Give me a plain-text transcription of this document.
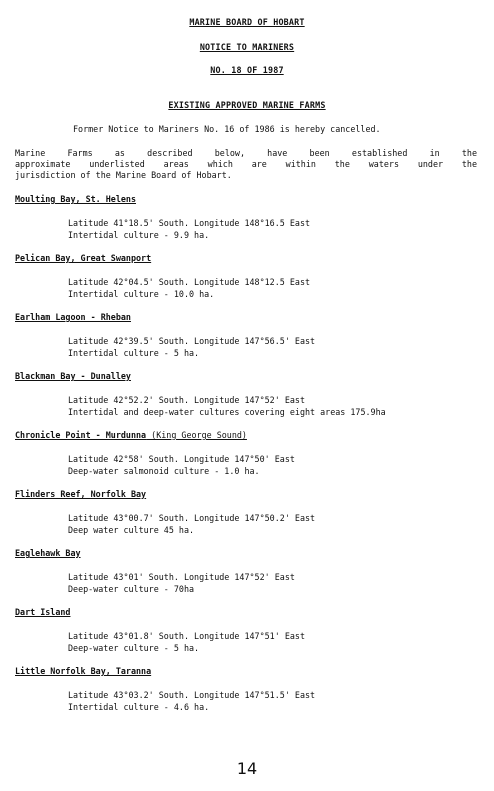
MARINE BOARD OF HOBART
NOTICE TO MARINERS
NO. 18 OF 1987
EXISTING APPROVED MARINE FARMS
Former Notice to Mariners No. 16 of 1986 is hereby cancelled.
Marine Farms as described below, have been established in the
approximate underlisted areas which are within the waters under the
jurisdiction of the Marine Board of Hobart.
Moulting Bay, St. Helens
Latitude 41°18.5' South. Longitude 148°16.5 East
Intertidal culture - 9.9 ha.
Pelican Bay, Great Swanport
Latitude 42°04.5' South. Longitude 148°12.5 East
Intertidal culture - 10.0 ha.
Earlham Lagoon - Rheban
Latitude 42°39.5' South. Longitude 147°56.5' East
Intertidal culture - 5 ha.
Blackman Bay - Dunalley
Latitude 42°52.2' South. Longitude 147°52' East
Intertidal and deep-water cultures covering eight areas 175.9ha
Chronicle Point - Murdunna (King George Sound)
Latitude 42°58' South. Longitude 147°50' East
Deep-water salmonoid culture - 1.0 ha.
Flinders Reef, Norfolk Bay
Latitude 43°00.7' South. Longitude 147°50.2' East
Deep water culture 45 ha.
Eaglehawk Bay
Latitude 43°01' South. Longitude 147°52' East
Deep-water culture - 70ha
Dart Island
Latitude 43°01.8' South. Longitude 147°51' East
Deep-water culture - 5 ha.
Little Norfolk Bay, Taranna
Latitude 43°03.2' South. Longitude 147°51.5' East
Intertidal culture - 4.6 ha.
14
